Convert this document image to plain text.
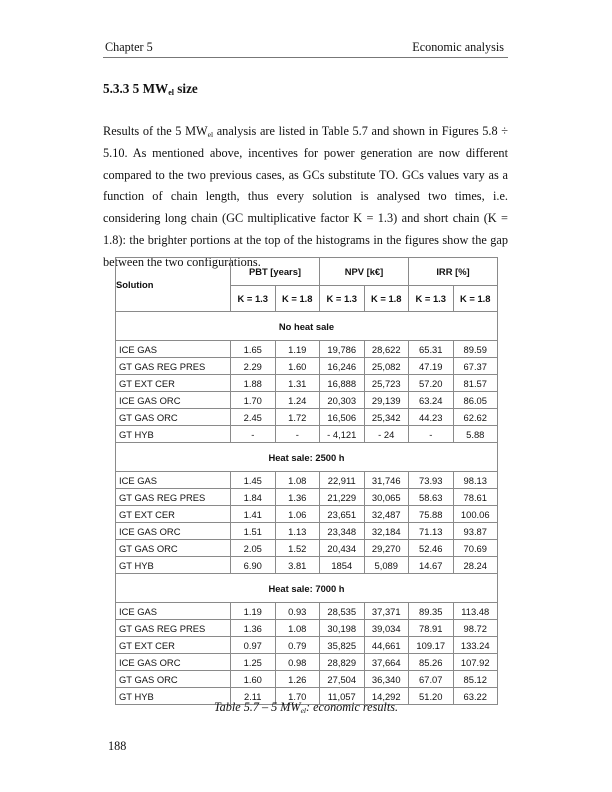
Chapter 5	Economic analysis
5.3.3 5 $MW_{el}$ size
Results of the 5 $MW_{el}$ analysis are listed in Table 5.7 and shown in Figures 5.8 ÷ 5.10. As mentioned above, incentives for power generation are now different compared to the two previous cases, as GCs substitute TO. GCs values vary as a function of chain length, thus every solution is analysed two times, i.e. considering long chain (GC multiplicative factor K = 1.3) and short chain (K = 1.8): the brighter portions at the top of the histograms in the figures show the gap between the two configurations.
Solution	PBT [years]		NPV [k€]		IRR [%]	
	K = 1.3	K = 1.8	K = 1.3	K = 1.8	K = 1.3	K = 1.8
No heat sale						
ICE GAS	1.65	1.19	19,786	28,622	65.31	89.59
GT GAS REG PRES	2.29	1.60	16,246	25,082	47.19	67.37
GT EXT CER	1.88	1.31	16,888	25,723	57.20	81.57
ICE GAS ORC	1.70	1.24	20,303	29,139	63.24	86.05
GT GAS ORC	2.45	1.72	16,506	25,342	44.23	62.62
GT HYB	-	-	- 4,121	- 24	-	5.88
Heat sale: 2500 h						
ICE GAS	1.45	1.08	22,911	31,746	73.93	98.13
GT GAS REG PRES	1.84	1.36	21,229	30,065	58.63	78.61
GT EXT CER	1.41	1.06	23,651	32,487	75.88	100.06
ICE GAS ORC	1.51	1.13	23,348	32,184	71.13	93.87
GT GAS ORC	2.05	1.52	20,434	29,270	52.46	70.69
GT HYB	6.90	3.81	1854	5,089	14.67	28.24
Heat sale: 7000 h						
ICE GAS	1.19	0.93	28,535	37,371	89.35	113.48
GT GAS REG PRES	1.36	1.08	30,198	39,034	78.91	98.72
GT EXT CER	0.97	0.79	35,825	44,661	109.17	133.24
ICE GAS ORC	1.25	0.98	28,829	37,664	85.26	107.92
GT GAS ORC	1.60	1.26	27,504	36,340	67.07	85.12
GT HYB	2.11	1.70	11,057	14,292	51.20	63.22
Table 5.7 – 5 $MW_{el}$: economic results.
188
